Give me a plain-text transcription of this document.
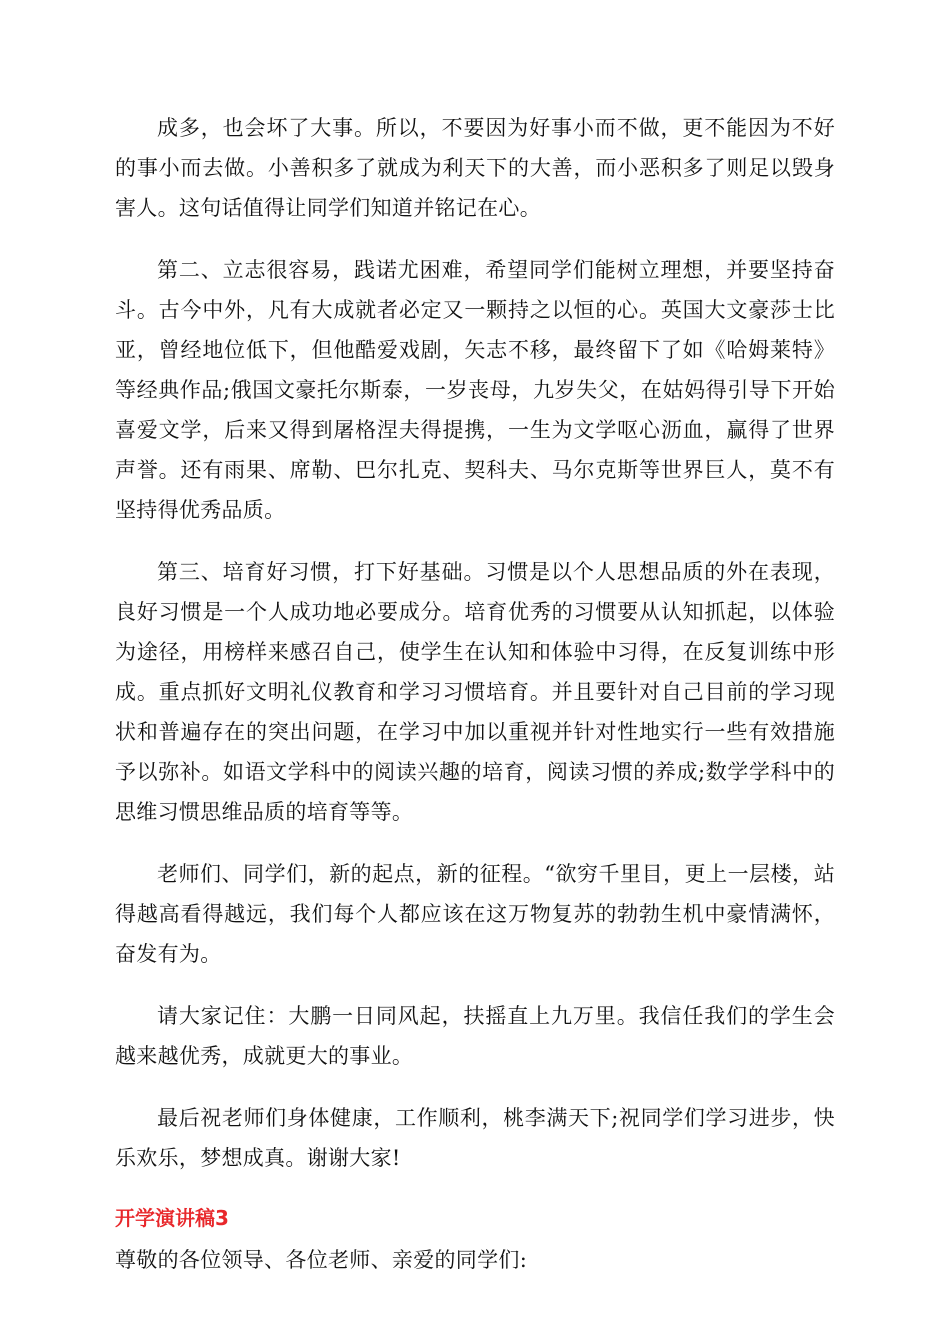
成多，也会坏了大事。所以，不要因为好事小而不做，更不能因为不好的事小而去做。小善积多了就成为利天下的大善，而小恶积多了则足以毁身害人。这句话值得让同学们知道并铭记在心。

第二、立志很容易，践诺尤困难，希望同学们能树立理想，并要坚持奋斗。古今中外，凡有大成就者必定又一颗持之以恒的心。英国大文豪莎士比亚，曾经地位低下，但他酷爱戏剧，矢志不移，最终留下了如《哈姆莱特》等经典作品;俄国文豪托尔斯泰，一岁丧母，九岁失父，在姑妈得引导下开始喜爱文学，后来又得到屠格涅夫得提携，一生为文学呕心沥血，赢得了世界声誉。还有雨果、席勒、巴尔扎克、契科夫、马尔克斯等世界巨人，莫不有坚持得优秀品质。

第三、培育好习惯，打下好基础。习惯是以个人思想品质的外在表现，良好习惯是一个人成功地必要成分。培育优秀的习惯要从认知抓起，以体验为途径，用榜样来感召自己，使学生在认知和体验中习得，在反复训练中形成。重点抓好文明礼仪教育和学习习惯培育。并且要针对自己目前的学习现状和普遍存在的突出问题，在学习中加以重视并针对性地实行一些有效措施予以弥补。如语文学科中的阅读兴趣的培育，阅读习惯的养成;数学学科中的思维习惯思维品质的培育等等。

老师们、同学们，新的起点，新的征程。“欲穷千里目，更上一层楼，站得越高看得越远，我们每个人都应该在这万物复苏的勃勃生机中豪情满怀，奋发有为。

请大家记住：大鹏一日同风起，扶摇直上九万里。我信任我们的学生会越来越优秀，成就更大的事业。

最后祝老师们身体健康，工作顺利，桃李满天下;祝同学们学习进步，快乐欢乐，梦想成真。谢谢大家!

开学演讲稿3

尊敬的各位领导、各位老师、亲爱的同学们:
